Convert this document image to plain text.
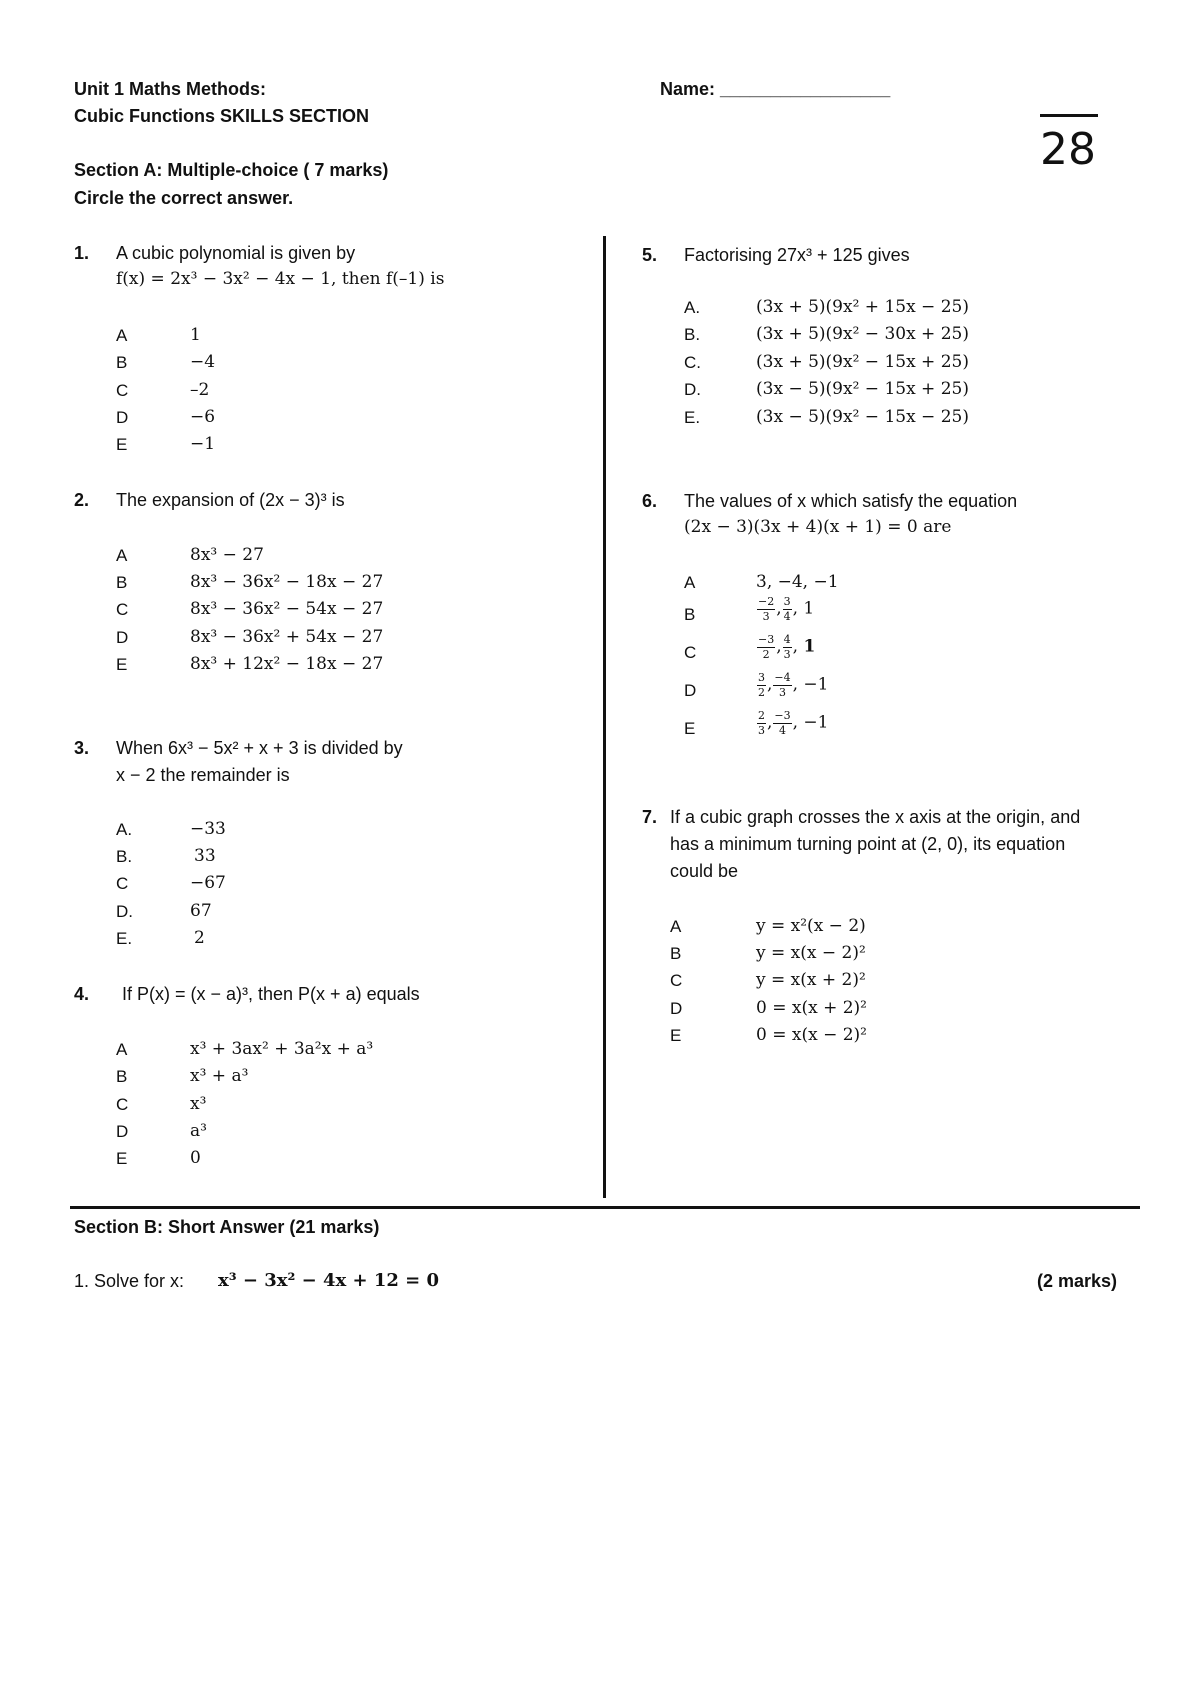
Unit 1 Maths Methods:
Cubic Functions SKILLS SECTION
Name: _________________
28
Section A: Multiple-choice ( 7 marks)
Circle the correct answer.
1. A cubic polynomial is given by
f(x) = 2x³ − 3x² − 4x − 1, then f(–1) is
A	1
B	−4
C	–2
D	−6
E	−1
2. The expansion of (2x − 3)³ is
A	8x³ − 27
B	8x³ − 36x² − 18x − 27
C	8x³ − 36x² − 54x − 27
D	8x³ − 36x² + 54x − 27
E	8x³ + 12x² − 18x − 27
3. When 6x³ − 5x² + x + 3 is divided by
x − 2 the remainder is
A.	−33
B.	33
C	−67
D.	67
E.	2
4. If P(x) = (x − a)³, then P(x + a) equals
A	x³ + 3ax² + 3a²x + a³
B	x³ + a³
C	x³
D	a³
E	0
5. Factorising 27x³ + 125 gives
A.	(3x + 5)(9x² + 15x − 25)
B.	(3x + 5)(9x² − 30x + 25)
C.	(3x + 5)(9x² − 15x + 25)
D.	(3x − 5)(9x² − 15x + 25)
E.	(3x − 5)(9x² − 15x − 25)
6. The values of x which satisfy the equation
(2x − 3)(3x + 4)(x + 1) = 0 are
A	3, −4, −1
B	$\frac{-2}{3}$ , $\frac{3}{4}$ , 1
C	$\frac{-3}{2}$ , $\frac{4}{3}$ , 1
D	$\frac{3}{2}$ , $\frac{-4}{3}$ , −1
E	$\frac{2}{3}$ , $\frac{-3}{4}$ , −1
7. If a cubic graph crosses the x axis at the origin, and
has a minimum turning point at (2, 0), its equation
could be
A	y = x²(x − 2)
B	y = x(x − 2)²
C	y = x(x + 2)²
D	0 = x(x + 2)²
E	0 = x(x − 2)²
Section B: Short Answer (21 marks)
1. Solve for x: x³ − 3x² − 4x + 12 = 0	(2 marks)
